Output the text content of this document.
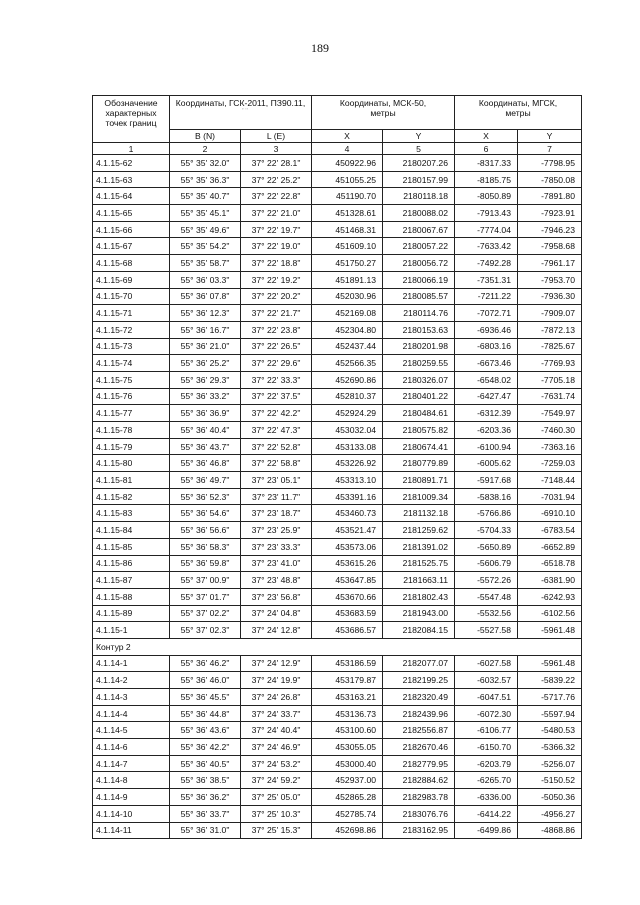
189
Обозначение
характерных
точек границ	Координаты, ГСК-2011, ПЗ90.11,
° ' "		Координаты, МСК-50,
метры		Координаты, МГСК,
метры	

	B (N)	L (E)	X	Y	X	Y
1	2	3	4	5	6	7
4.1.15-62	55° 35' 32.0"	37° 22' 28.1"	450922.96	2180207.26	-8317.33	-7798.95
4.1.15-63	55° 35' 36.3"	37° 22' 25.2"	451055.25	2180157.99	-8185.75	-7850.08
4.1.15-64	55° 35' 40.7"	37° 22' 22.8"	451190.70	2180118.18	-8050.89	-7891.80
4.1.15-65	55° 35' 45.1"	37° 22' 21.0"	451328.61	2180088.02	-7913.43	-7923.91
4.1.15-66	55° 35' 49.6"	37° 22' 19.7"	451468.31	2180067.67	-7774.04	-7946.23
4.1.15-67	55° 35' 54.2"	37° 22' 19.0"	451609.10	2180057.22	-7633.42	-7958.68
4.1.15-68	55° 35' 58.7"	37° 22' 18.8"	451750.27	2180056.72	-7492.28	-7961.17
4.1.15-69	55° 36' 03.3"	37° 22' 19.2"	451891.13	2180066.19	-7351.31	-7953.70
4.1.15-70	55° 36' 07.8"	37° 22' 20.2"	452030.96	2180085.57	-7211.22	-7936.30
4.1.15-71	55° 36' 12.3"	37° 22' 21.7"	452169.08	2180114.76	-7072.71	-7909.07
4.1.15-72	55° 36' 16.7"	37° 22' 23.8"	452304.80	2180153.63	-6936.46	-7872.13
4.1.15-73	55° 36' 21.0"	37° 22' 26.5"	452437.44	2180201.98	-6803.16	-7825.67
4.1.15-74	55° 36' 25.2"	37° 22' 29.6"	452566.35	2180259.55	-6673.46	-7769.93
4.1.15-75	55° 36' 29.3"	37° 22' 33.3"	452690.86	2180326.07	-6548.02	-7705.18
4.1.15-76	55° 36' 33.2"	37° 22' 37.5"	452810.37	2180401.22	-6427.47	-7631.74
4.1.15-77	55° 36' 36.9"	37° 22' 42.2"	452924.29	2180484.61	-6312.39	-7549.97
4.1.15-78	55° 36' 40.4"	37° 22' 47.3"	453032.04	2180575.82	-6203.36	-7460.30
4.1.15-79	55° 36' 43.7"	37° 22' 52.8"	453133.08	2180674.41	-6100.94	-7363.16
4.1.15-80	55° 36' 46.8"	37° 22' 58.8"	453226.92	2180779.89	-6005.62	-7259.03
4.1.15-81	55° 36' 49.7"	37° 23' 05.1"	453313.10	2180891.71	-5917.68	-7148.44
4.1.15-82	55° 36' 52.3"	37° 23' 11.7"	453391.16	2181009.34	-5838.16	-7031.94
4.1.15-83	55° 36' 54.6"	37° 23' 18.7"	453460.73	2181132.18	-5766.86	-6910.10
4.1.15-84	55° 36' 56.6"	37° 23' 25.9"	453521.47	2181259.62	-5704.33	-6783.54
4.1.15-85	55° 36' 58.3"	37° 23' 33.3"	453573.06	2181391.02	-5650.89	-6652.89
4.1.15-86	55° 36' 59.8"	37° 23' 41.0"	453615.26	2181525.75	-5606.79	-6518.78
4.1.15-87	55° 37' 00.9"	37° 23' 48.8"	453647.85	2181663.11	-5572.26	-6381.90
4.1.15-88	55° 37' 01.7"	37° 23' 56.8"	453670.66	2181802.43	-5547.48	-6242.93
4.1.15-89	55° 37' 02.2"	37° 24' 04.8"	453683.59	2181943.00	-5532.56	-6102.56
4.1.15-1	55° 37' 02.3"	37° 24' 12.8"	453686.57	2182084.15	-5527.58	-5961.48
Контур 2						
4.1.14-1	55° 36' 46.2"	37° 24' 12.9"	453186.59	2182077.07	-6027.58	-5961.48
4.1.14-2	55° 36' 46.0"	37° 24' 19.9"	453179.87	2182199.25	-6032.57	-5839.22
4.1.14-3	55° 36' 45.5"	37° 24' 26.8"	453163.21	2182320.49	-6047.51	-5717.76
4.1.14-4	55° 36' 44.8"	37° 24' 33.7"	453136.73	2182439.96	-6072.30	-5597.94
4.1.14-5	55° 36' 43.6"	37° 24' 40.4"	453100.60	2182556.87	-6106.77	-5480.53
4.1.14-6	55° 36' 42.2"	37° 24' 46.9"	453055.05	2182670.46	-6150.70	-5366.32
4.1.14-7	55° 36' 40.5"	37° 24' 53.2"	453000.40	2182779.95	-6203.79	-5256.07
4.1.14-8	55° 36' 38.5"	37° 24' 59.2"	452937.00	2182884.62	-6265.70	-5150.52
4.1.14-9	55° 36' 36.2"	37° 25' 05.0"	452865.28	2182983.78	-6336.00	-5050.36
4.1.14-10	55° 36' 33.7"	37° 25' 10.3"	452785.74	2183076.76	-6414.22	-4956.27
4.1.14-11	55° 36' 31.0"	37° 25' 15.3"	452698.86	2183162.95	-6499.86	-4868.86
